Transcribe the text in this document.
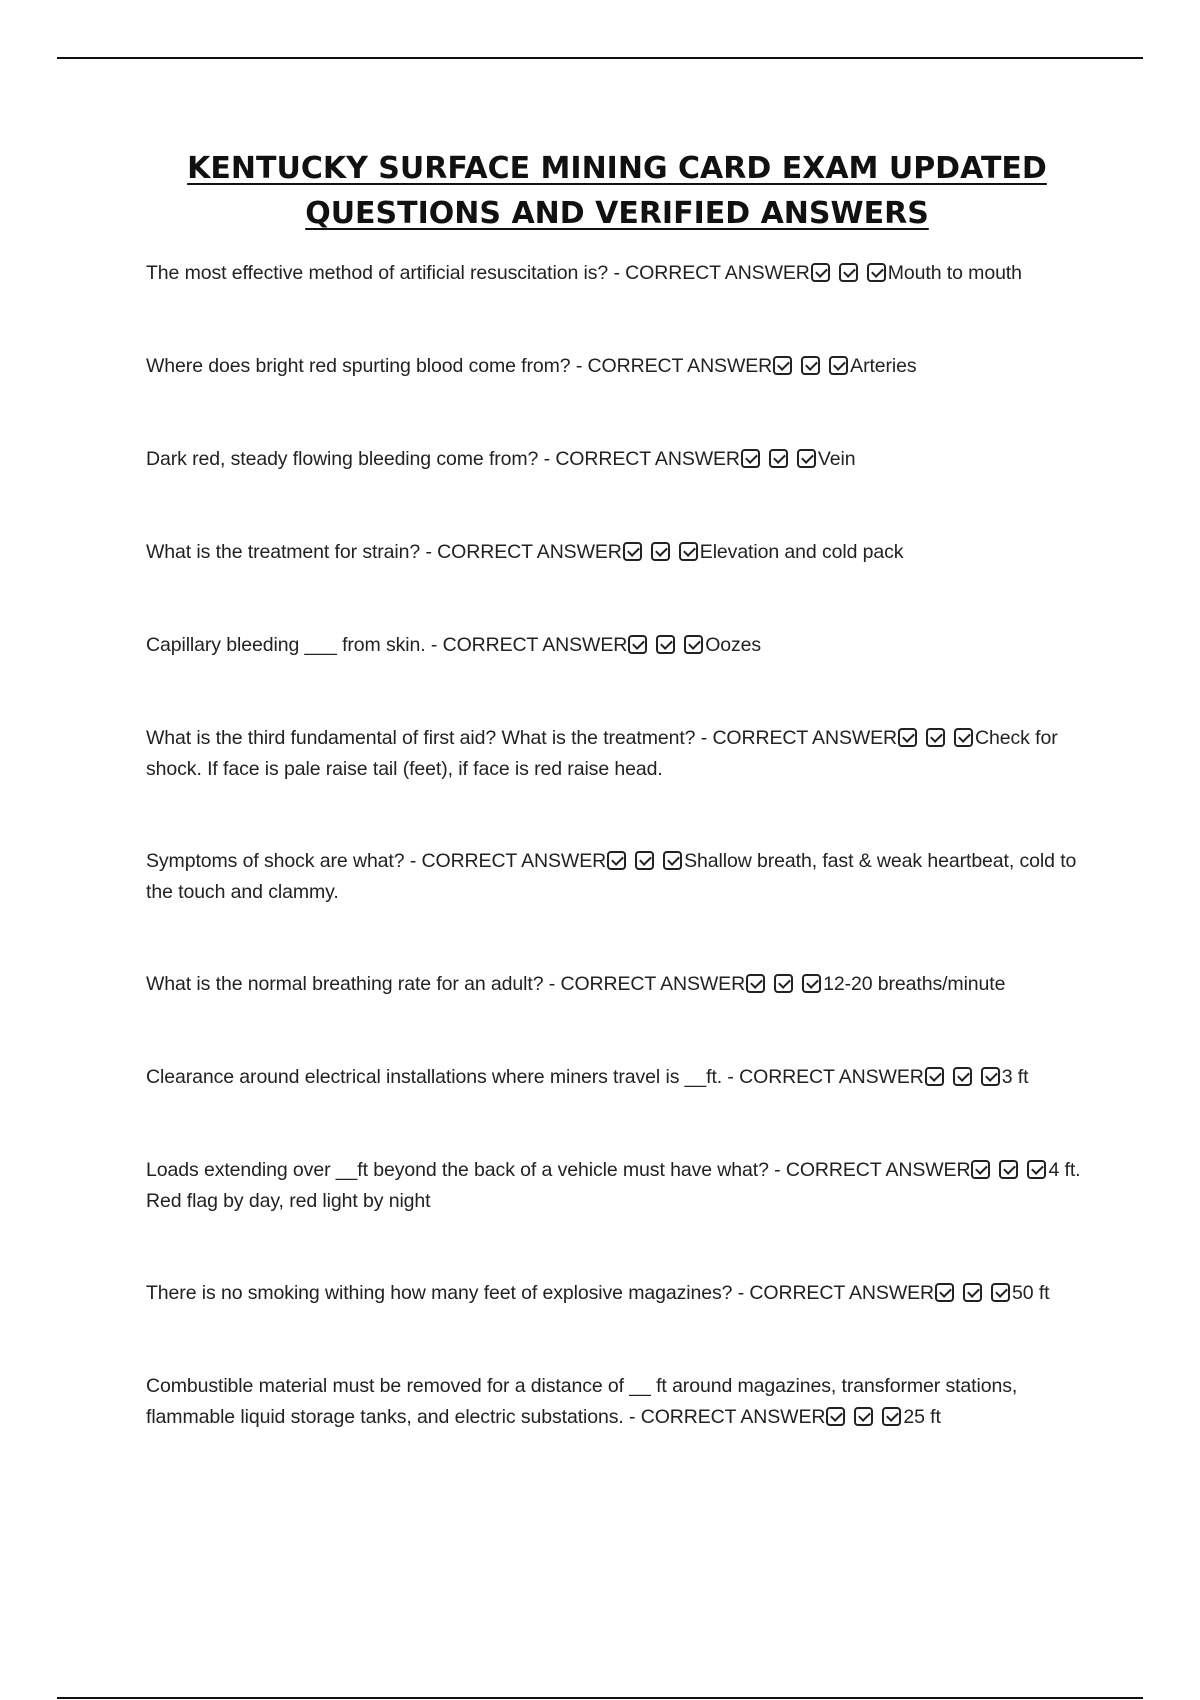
KENTUCKY SURFACE MINING CARD EXAM UPDATED
QUESTIONS AND VERIFIED ANSWERS
The most effective method of artificial resuscitation is? - CORRECT ANSWER	Mouth to mouth
Where does bright red spurting blood come from? - CORRECT ANSWER	Arteries
Dark red, steady flowing bleeding come from? - CORRECT ANSWER	Vein
What is the treatment for strain? - CORRECT ANSWER	Elevation and cold pack
Capillary bleeding ___ from skin. - CORRECT ANSWER	Oozes
What is the third fundamental of first aid? What is the treatment? - CORRECT ANSWER	Check for shock. If face is pale raise tail (feet), if face is red raise head.
Symptoms of shock are what? - CORRECT ANSWER	Shallow breath, fast & weak heartbeat, cold to the touch and clammy.
What is the normal breathing rate for an adult? - CORRECT ANSWER	12-20 breaths/minute
Clearance around electrical installations where miners travel is __ft. - CORRECT ANSWER	3 ft
Loads extending over __ft beyond the back of a vehicle must have what? - CORRECT ANSWER	4 ft. Red flag by day, red light by night
There is no smoking withing how many feet of explosive magazines? - CORRECT ANSWER	50 ft
Combustible material must be removed for a distance of __ ft around magazines, transformer stations, flammable liquid storage tanks, and electric substations. - CORRECT ANSWER	25 ft
